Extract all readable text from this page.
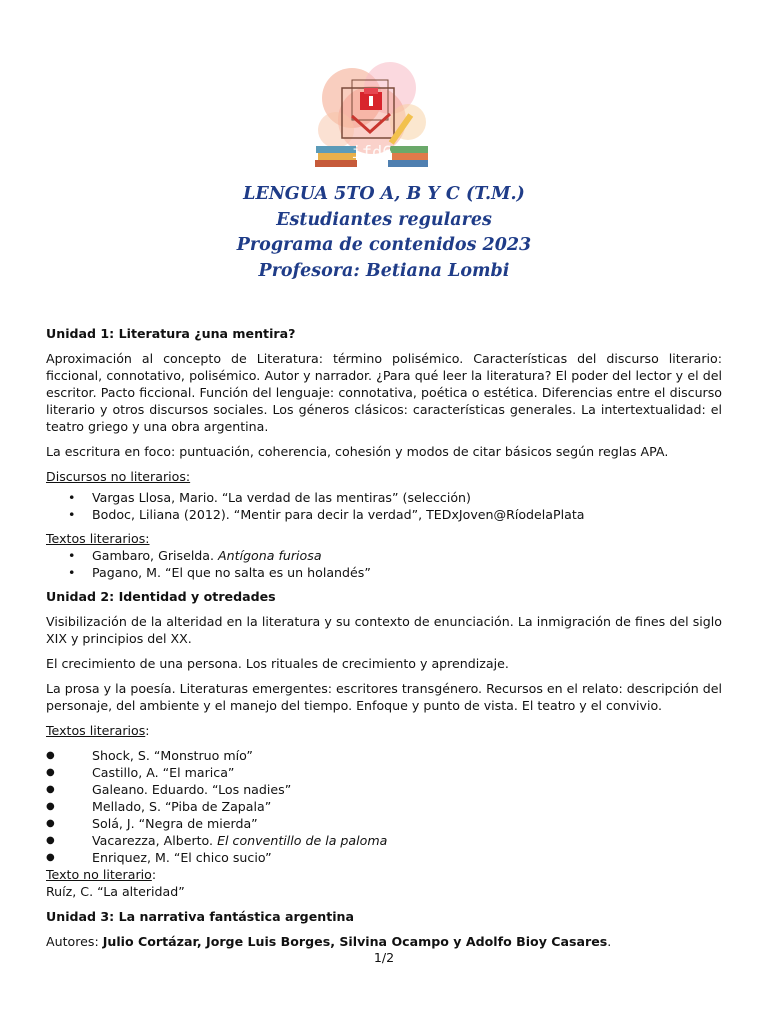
ifd6
LENGUA 5TO A, B Y C (T.M.)
Estudiantes regulares
Programa de contenidos 2023
Profesora: Betiana Lombi

Unidad 1: Literatura ¿una mentira?

Aproximación al concepto de Literatura: término polisémico. Características del discurso literario: ficcional, connotativo, polisémico. Autor y narrador. ¿Para qué leer la literatura? El poder del lector y el del escritor. Pacto ficcional. Función del lenguaje: connotativa, poética o estética. Diferencias entre el discurso literario y otros discursos sociales. Los géneros clásicos: características generales. La intertextualidad: el teatro griego y una obra argentina.

La escritura en foco: puntuación, coherencia, cohesión y modos de citar básicos según reglas APA.

Discursos no literarios:

• Vargas Llosa, Mario. “La verdad de las mentiras” (selección)
• Bodoc, Liliana (2012). “Mentir para decir la verdad”, TEDxJoven@RíodelaPlata

Textos literarios:

• Gambaro, Griselda. Antígona furiosa
• Pagano, M. “El que no salta es un holandés”

Unidad 2: Identidad y otredades

Visibilización de la alteridad en la literatura y su contexto de enunciación. La inmigración de fines del siglo XIX y principios del XX.

El crecimiento de una persona. Los rituales de crecimiento y aprendizaje.

La prosa y la poesía. Literaturas emergentes: escritores transgénero. Recursos en el relato: descripción del personaje, del ambiente y el manejo del tiempo. Enfoque y punto de vista. El teatro y el convivio.

Textos literarios:

● Shock, S. “Monstruo mío”
● Castillo, A. “El marica”
● Galeano. Eduardo. “Los nadies”
● Mellado, S. “Piba de Zapala”
● Solá, J. “Negra de mierda”
● Vacarezza, Alberto. El conventillo de la paloma
● Enriquez, M. “El chico sucio”

Texto no literario:

Ruíz, C. “La alteridad”

Unidad 3: La narrativa fantástica argentina

Autores: Julio Cortázar, Jorge Luis Borges, Silvina Ocampo y Adolfo Bioy Casares.

1/2
